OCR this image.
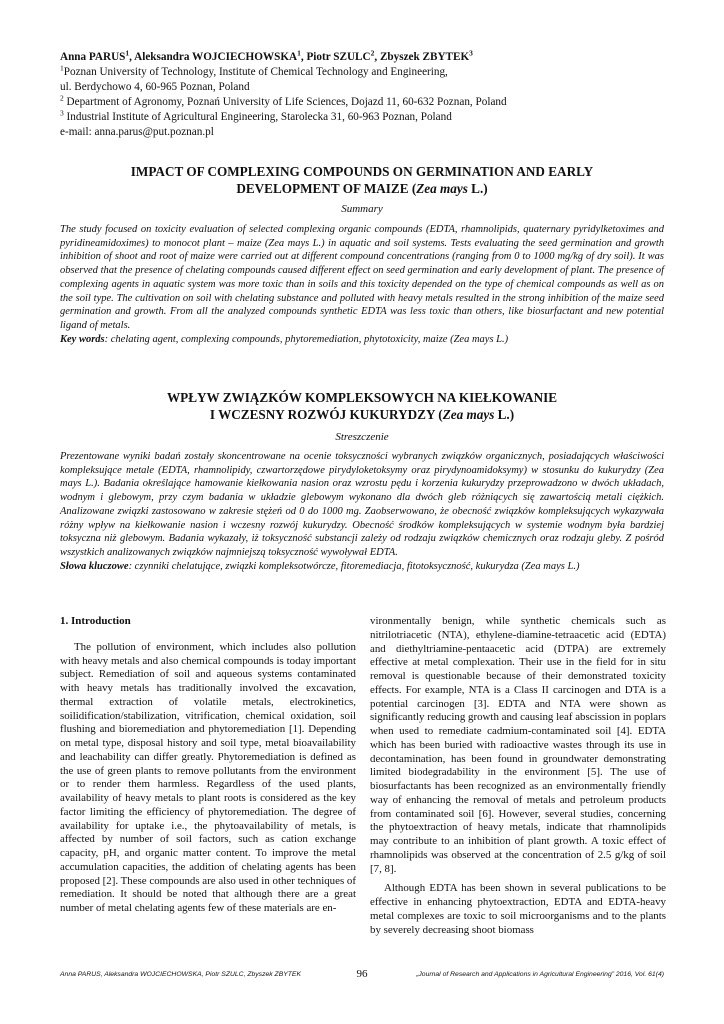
Anna PARUS$^1$, Aleksandra WOJCIECHOWSKA$^1$, Piotr SZULC$^2$, Zbyszek ZBYTEK$^3$
$^1$Poznan University of Technology, Institute of Chemical Technology and Engineering,
ul. Berdychowo 4, 60-965 Poznan, Poland
$^2$ Department of Agronomy, Poznań University of Life Sciences, Dojazd 11, 60-632 Poznan, Poland
$^3$ Industrial Institute of Agricultural Engineering, Starolecka 31, 60-963 Poznan, Poland
e-mail: anna.parus@put.poznan.pl
IMPACT OF COMPLEXING COMPOUNDS ON GERMINATION AND EARLY
DEVELOPMENT OF MAIZE (Zea mays L.)
Summary
The study focused on toxicity evaluation of selected complexing organic compounds (EDTA, rhamnolipids, quaternary pyridylketoximes and pyridineamidoximes) to monocot plant – maize (Zea mays L.) in aquatic and soil systems. Tests evaluating the seed germination and growth inhibition of shoot and root of maize were carried out at different compound concentrations (ranging from 0 to 1000 mg/kg of dry soil). It was observed that the presence of chelating compounds caused different effect on seed germination and early development of plant. The presence of complexing agents in aquatic system was more toxic than in soils and this toxicity depended on the type of chemical compounds as well as on the soil type. The cultivation on soil with chelating substance and polluted with heavy metals resulted in the strong inhibition of the maize seed germination and growth. From all the analyzed compounds synthetic EDTA was less toxic than others, like biosurfactant and new potential ligand of metals.
Key words: chelating agent, complexing compounds, phytoremediation, phytotoxicity, maize (Zea mays L.)
WPŁYW ZWIĄZKÓW KOMPLEKSOWYCH NA KIEŁKOWANIE
I WCZESNY ROZWÓJ KUKURYDZY (Zea mays L.)
Streszczenie
Prezentowane wyniki badań zostały skoncentrowane na ocenie toksyczności wybranych związków organicznych, posiadających właściwości kompleksujące metale (EDTA, rhamnolipidy, czwartorzędowe pirydyloketoksymy oraz pirydynoamidoksymy) w stosunku do kukurydzy (Zea mays L.). Badania określające hamowanie kiełkowania nasion oraz wzrostu pędu i korzenia kukurydzy przeprowadzono w dwóch układach, wodnym i glebowym, przy czym badania w układzie glebowym wykonano dla dwóch gleb różniących się zawartością metali ciężkich. Analizowane związki zastosowano w zakresie stężeń od 0 do 1000 mg. Zaobserwowano, że obecność związków kompleksujących wykazywała różny wpływ na kiełkowanie nasion i wczesny rozwój kukurydzy. Obecność środków kompleksujących w systemie wodnym była bardziej toksyczna niż glebowym. Badania wykazały, iż toksyczność substancji zależy od rodzaju związków chemicznych oraz rodzaju gleby. Z pośród wszystkich analizowanych związków najmniejszą toksyczność wywoływał EDTA.
Słowa kluczowe: czynniki chelatujące, związki kompleksotwórcze, fitoremediacja, fitotoksyczność, kukurydza (Zea mays L.)
1. Introduction

The pollution of environment, which includes also pollution with heavy metals and also chemical compounds is today important subject. Remediation of soil and aqueous systems contaminated with heavy metals has traditionally involved the excavation, thermal extraction of volatile metals, electrokinetics, soilidification/stabilization, vitrification, chemical oxidation, soil flushing and bioremediation and phytoremediation [1]. Depending on metal type, disposal history and soil type, metal bioavailability and leachability can differ greatly. Phytoremediation is defined as the use of green plants to remove pollutants from the environment or to render them harmless. Regardless of the used plants, availability of heavy metals to plant roots is considered as the key factor limiting the efficiency of phytoremediation. The degree of availability for uptake i.e., the phytoavailability of metals, is affected by number of soil factors, such as cation exchange capacity, pH, and organic matter content. To improve the metal accumulation capacities, the addition of chelating agents has been proposed [2]. These compounds are also used in other techniques of remediation. It should be noted that although there are a great number of metal chelating agents few of these materials are en-

vironmentally benign, while synthetic chemicals such as nitrilotriacetic (NTA), ethylene-diamine-tetraacetic acid (EDTA) and diethyltriamine-pentaacetic acid (DTPA) are extremely effective at metal complexation. Their use in the field for in situ removal is questionable because of their demonstrated toxicity effects. For example, NTA is a Class II carcinogen and DTA is a potential carcinogen [3]. EDTA and NTA were shown as significantly reducing growth and causing leaf abscission in poplars when used to remediate cadmium-contaminated soil [4]. EDTA which has been buried with radioactive wastes through its use in decontamination, has been found in groundwater demonstrating limited biodegradability in the environment [5]. The use of biosurfactants has been recognized as an environmentally friendly way of enhancing the removal of metals and petroleum products from contaminated soil [6]. However, several studies, concerning the phytoextraction of heavy metals, indicate that rhamnolipids may contribute to an inhibition of plant growth. A toxic effect of rhamnolipids was observed at the concentration of 2.5 g/kg of soil [7, 8].

Although EDTA has been shown in several publications to be effective in enhancing phytoextraction, EDTA and EDTA-heavy metal complexes are toxic to soil microorganisms and to the plants by severely decreasing shoot biomass

Anna PARUS, Aleksandra WOJCIECHOWSKA, Piotr SZULC, Zbyszek ZBYTEK	96	„Journal of Research and Applications in Agricultural Engineering” 2016, Vol. 61(4)
